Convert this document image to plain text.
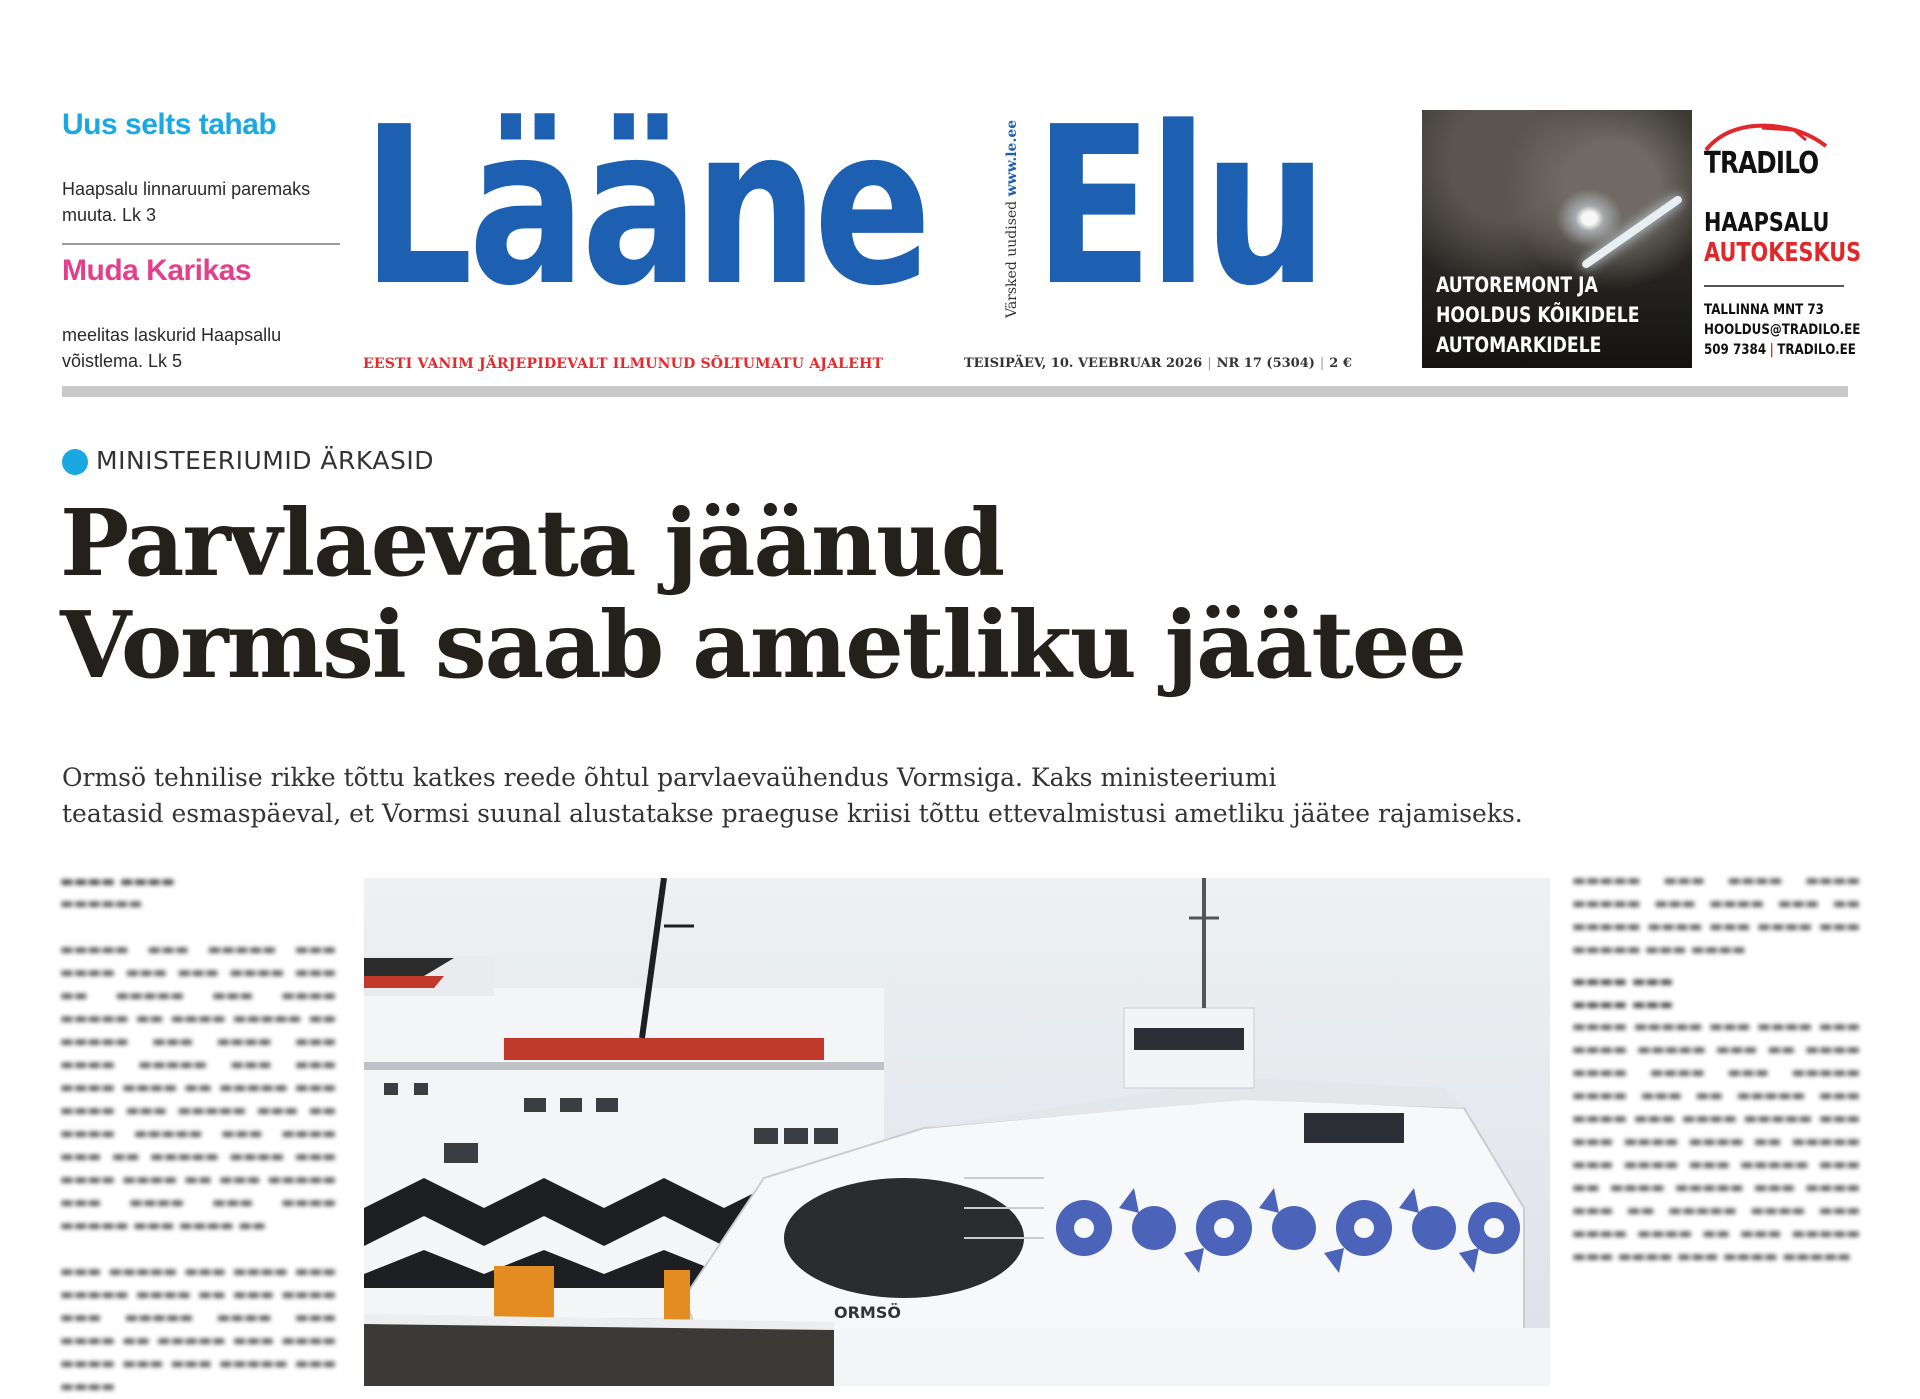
Uus selts tahab
Haapsalu linnaruumi paremaks muuta. Lk 3
Muda Karikas
meelitas laskurid Haapsallu võistlema. Lk 5
Lääne	Värsked uudised www.le.ee Elu
EESTI VANIM JÄRJEPIDEVALT ILMUNUD SÕLTUMATU AJALEHT	TEISIPÄEV, 10. VEEBRUAR 2026 | NR 17 (5304) | 2 €
AUTOREMONT JA
HOOLDUS KÕIKIDELE
AUTOMARKIDELE
TRADILO
HAAPSALU
AUTOKESKUS
TALLINNA MNT 73
HOOLDUS@TRADILO.EE
509 7384 | TRADILO.EE
MINISTEERIUMID ÄRKASID
Parvlaevata jäänud
Vormsi saab ametliku jäätee
Ormsö tehnilise rikke tõttu katkes reede õhtul parvlaevaühendus Vormsiga. Kaks ministeeriumi
teatasid esmaspäeval, et Vormsi suunal alustatakse praeguse kriisi tõttu ettevalmistusi ametliku jäätee rajamiseks.
▬▬▬▬ ▬▬▬▬
▬▬▬▬▬▬

▬▬▬▬▬ ▬▬▬ ▬▬▬▬▬ ▬▬▬ ▬▬▬▬ ▬▬▬ ▬▬▬ ▬▬▬▬ ▬▬▬ ▬▬ ▬▬▬▬▬ ▬▬▬ ▬▬▬▬ ▬▬▬▬▬ ▬▬ ▬▬▬▬ ▬▬▬▬▬ ▬▬ ▬▬▬▬▬ ▬▬▬ ▬▬▬▬ ▬▬▬ ▬▬▬▬ ▬▬▬▬▬ ▬▬▬ ▬▬▬ ▬▬▬▬ ▬▬▬▬ ▬▬ ▬▬▬▬▬ ▬▬▬ ▬▬▬▬ ▬▬▬ ▬▬▬▬▬ ▬▬▬ ▬▬ ▬▬▬▬ ▬▬▬▬▬ ▬▬▬ ▬▬▬▬ ▬▬▬ ▬▬ ▬▬▬▬▬ ▬▬▬▬ ▬▬▬ ▬▬▬▬ ▬▬▬▬ ▬▬ ▬▬▬ ▬▬▬▬▬ ▬▬▬ ▬▬▬▬ ▬▬▬ ▬▬▬▬ ▬▬▬▬▬ ▬▬▬ ▬▬▬▬ ▬▬

▬▬▬ ▬▬▬▬▬ ▬▬▬ ▬▬▬▬ ▬▬▬ ▬▬▬▬▬ ▬▬▬▬ ▬▬ ▬▬▬ ▬▬▬▬ ▬▬▬ ▬▬▬▬▬ ▬▬▬▬ ▬▬▬ ▬▬▬▬ ▬▬ ▬▬▬▬▬ ▬▬▬ ▬▬▬▬ ▬▬▬▬ ▬▬▬ ▬▬▬ ▬▬▬▬▬ ▬▬▬ ▬▬▬▬
▬▬▬▬▬ ▬▬▬ ▬▬▬▬ ▬▬▬▬ ▬▬▬▬▬ ▬▬▬ ▬▬▬▬ ▬▬▬ ▬▬ ▬▬▬▬▬ ▬▬▬▬ ▬▬▬ ▬▬▬▬ ▬▬▬ ▬▬▬▬▬ ▬▬▬ ▬▬▬▬
▬▬▬▬ ▬▬▬
▬▬▬▬ ▬▬▬
▬▬▬▬ ▬▬▬▬▬ ▬▬▬ ▬▬▬▬ ▬▬▬ ▬▬▬▬ ▬▬▬▬▬ ▬▬▬ ▬▬ ▬▬▬▬ ▬▬▬▬ ▬▬▬▬ ▬▬▬ ▬▬▬▬▬ ▬▬▬▬ ▬▬▬ ▬▬ ▬▬▬▬▬ ▬▬▬ ▬▬▬▬ ▬▬▬ ▬▬▬▬ ▬▬▬▬▬ ▬▬▬ ▬▬▬ ▬▬▬▬ ▬▬▬▬ ▬▬ ▬▬▬▬▬ ▬▬▬ ▬▬▬▬ ▬▬▬ ▬▬▬▬▬ ▬▬▬ ▬▬ ▬▬▬▬ ▬▬▬▬▬ ▬▬▬ ▬▬▬▬ ▬▬▬ ▬▬ ▬▬▬▬▬ ▬▬▬▬ ▬▬▬ ▬▬▬▬ ▬▬▬▬ ▬▬ ▬▬▬ ▬▬▬▬▬ ▬▬▬ ▬▬▬▬ ▬▬▬ ▬▬▬▬ ▬▬▬▬▬
ORMSÖ
